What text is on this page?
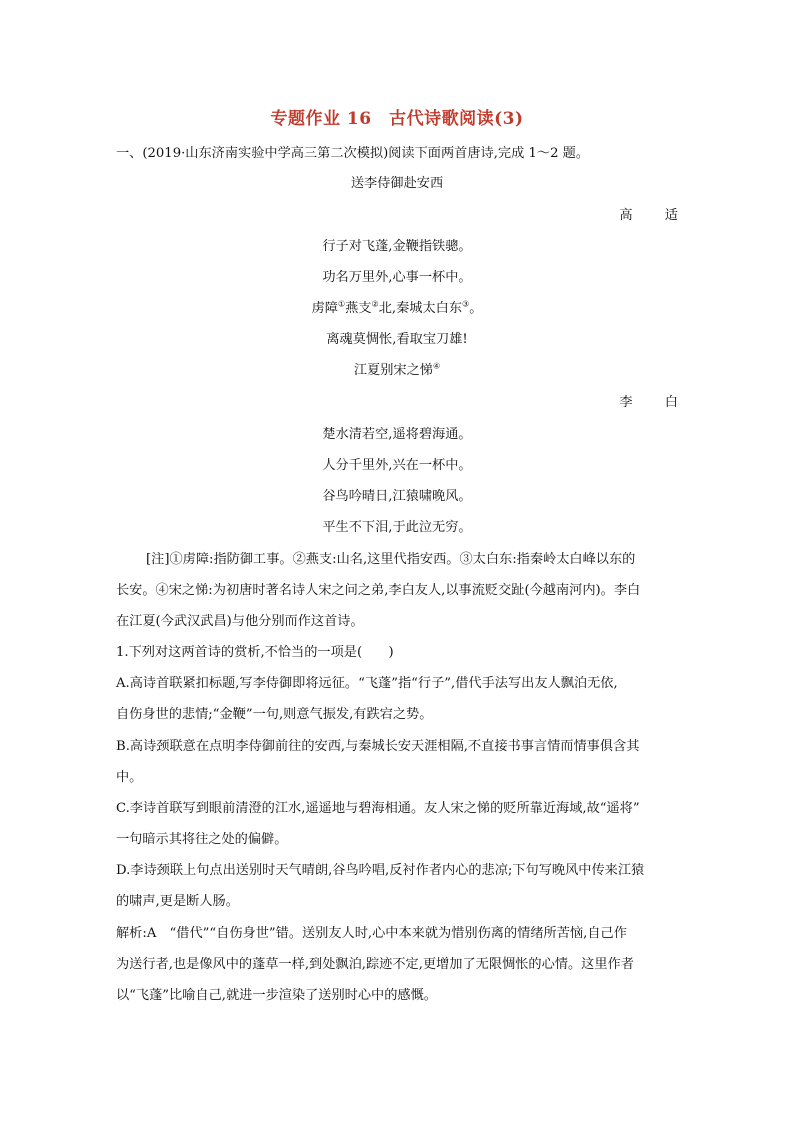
专题作业 16　古代诗歌阅读(3)
一、(2019·山东济南实验中学高三第二次模拟)阅读下面两首唐诗,完成 1～2 题。
送李侍御赴安西
高 适
行子对飞蓬,金鞭指铁骢。
功名万里外,心事一杯中。
虏障①燕支②北,秦城太白东③。
离魂莫惆怅,看取宝刀雄!
江夏别宋之悌④
李 白
楚水清若空,遥将碧海通。
人分千里外,兴在一杯中。
谷鸟吟晴日,江猿啸晚风。
平生不下泪,于此泣无穷。
[注]①虏障:指防御工事。②燕支:山名,这里代指安西。③太白东:指秦岭太白峰以东的
长安。④宋之悌:为初唐时著名诗人宋之问之弟,李白友人,以事流贬交趾(今越南河内)。李白
在江夏(今武汉武昌)与他分别而作这首诗。
1.下列对这两首诗的赏析,不恰当的一项是(　　)
A.高诗首联紧扣标题,写李侍御即将远征。“飞蓬”指“行子”,借代手法写出友人飘泊无依,
自伤身世的悲情;“金鞭”一句,则意气振发,有跌宕之势。
B.高诗颈联意在点明李侍御前往的安西,与秦城长安天涯相隔,不直接书事言情而情事俱含其
中。
C.李诗首联写到眼前清澄的江水,遥遥地与碧海相通。友人宋之悌的贬所靠近海域,故“遥将”
一句暗示其将往之处的偏僻。
D.李诗颈联上句点出送别时天气晴朗,谷鸟吟唱,反衬作者内心的悲凉;下句写晚风中传来江猿
的啸声,更是断人肠。
解析:A　“借代”“自伤身世”错。送别友人时,心中本来就为惜别伤离的情绪所苦恼,自己作
为送行者,也是像风中的蓬草一样,到处飘泊,踪迹不定,更增加了无限惆怅的心情。这里作者
以“飞蓬”比喻自己,就进一步渲染了送别时心中的感慨。
